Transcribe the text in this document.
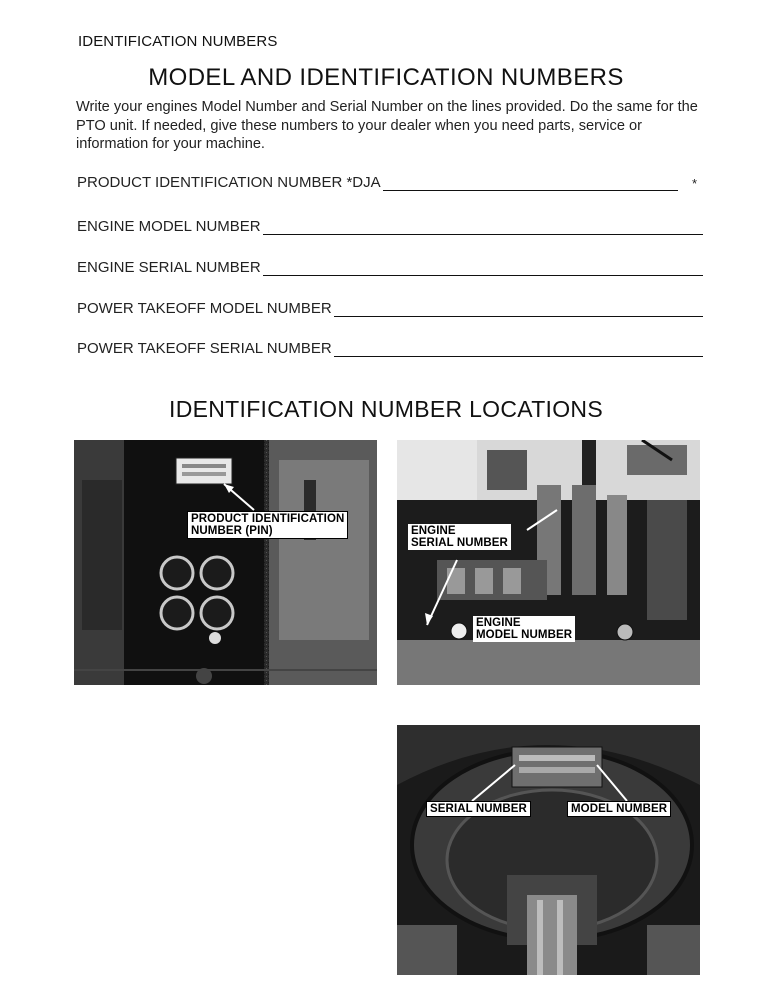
IDENTIFICATION NUMBERS
MODEL AND IDENTIFICATION NUMBERS
Write your engines Model Number and Serial Number on the lines provided. Do the same for the PTO unit. If needed, give these numbers to your dealer when you need parts, service or information for your machine.
PRODUCT IDENTIFICATION NUMBER *DJA	*
ENGINE MODEL NUMBER
ENGINE SERIAL NUMBER
POWER TAKEOFF MODEL NUMBER
POWER TAKEOFF SERIAL NUMBER
IDENTIFICATION NUMBER LOCATIONS
PRODUCT IDENTIFICATION
NUMBER (PIN)	ENGINE
SERIAL NUMBER
ENGINE
MODEL NUMBER
SERIAL NUMBER	MODEL NUMBER
